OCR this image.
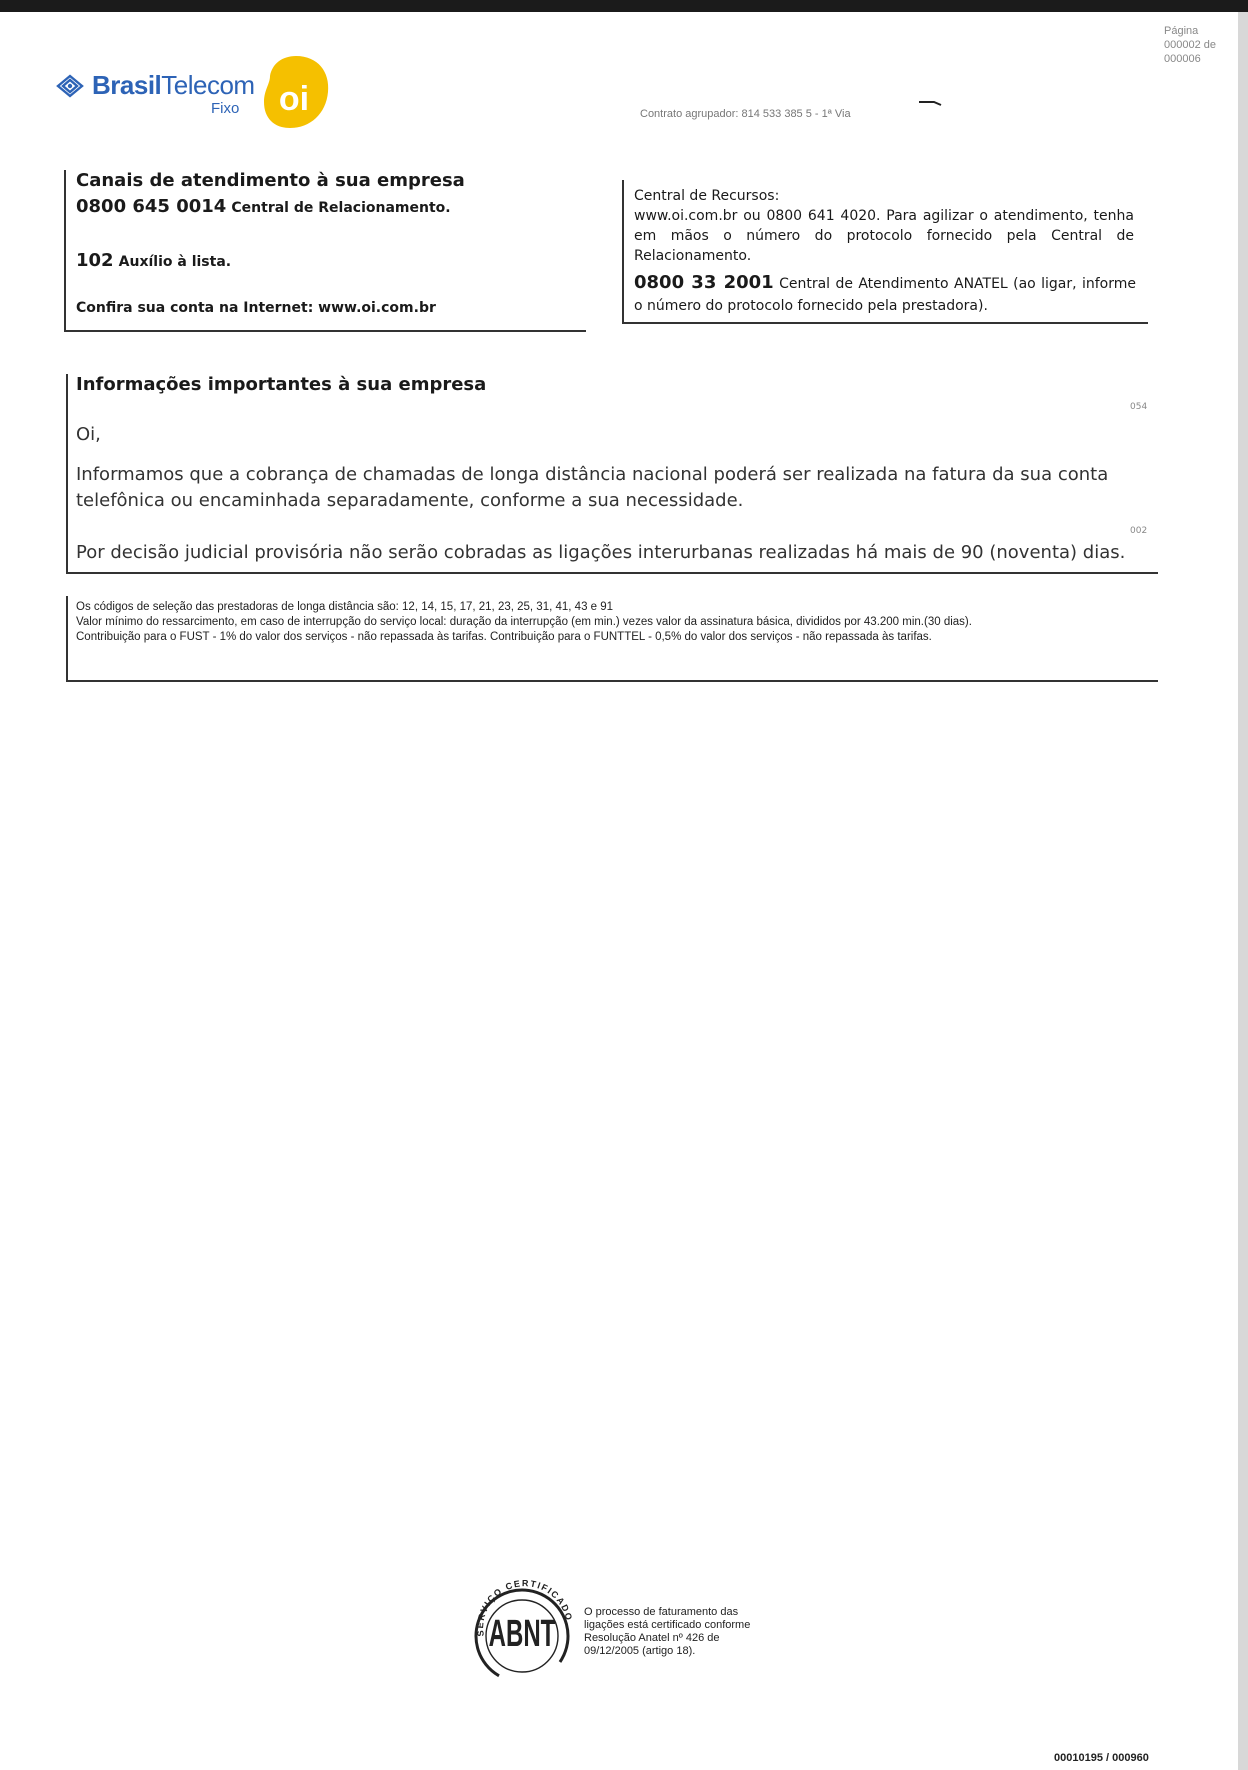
Página
000002 de
000006
BrasilTelecom
Fixo oi	Contrato agrupador: 814 533 385 5 - 1ª Via
Canais de atendimento à sua empresa
0800 645 0014 Central de Relacionamento.
102 Auxílio à lista.
Confira sua conta na Internet: www.oi.com.br
Central de Recursos:
www.oi.com.br ou 0800 641 4020. Para agilizar o atendimento, tenha em mãos o número do protocolo fornecido pela Central de Relacionamento.
0800 33 2001 Central de Atendimento ANATEL (ao ligar, informe o número do protocolo fornecido pela prestadora).
Informações importantes à sua empresa
054
Oi,
Informamos que a cobrança de chamadas de longa distância nacional poderá ser realizada na fatura da sua conta telefônica ou encaminhada separadamente, conforme a sua necessidade.
002
Por decisão judicial provisória não serão cobradas as ligações interurbanas realizadas há mais de 90 (noventa) dias.
Os códigos de seleção das prestadoras de longa distância são: 12, 14, 15, 17, 21, 23, 25, 31, 41, 43 e 91
Valor mínimo do ressarcimento, em caso de interrupção do serviço local: duração da interrupção (em min.) vezes valor da assinatura básica, divididos por 43.200 min.(30 dias).
Contribuição para o FUST - 1% do valor dos serviços - não repassada às tarifas. Contribuição para o FUNTTEL - 0,5% do valor dos serviços - não repassada às tarifas.
SERVIÇO CERTIFICADO
ABNT	O processo de faturamento das ligações está certificado conforme Resolução Anatel nº 426 de 09/12/2005 (artigo 18).
00010195 / 000960
